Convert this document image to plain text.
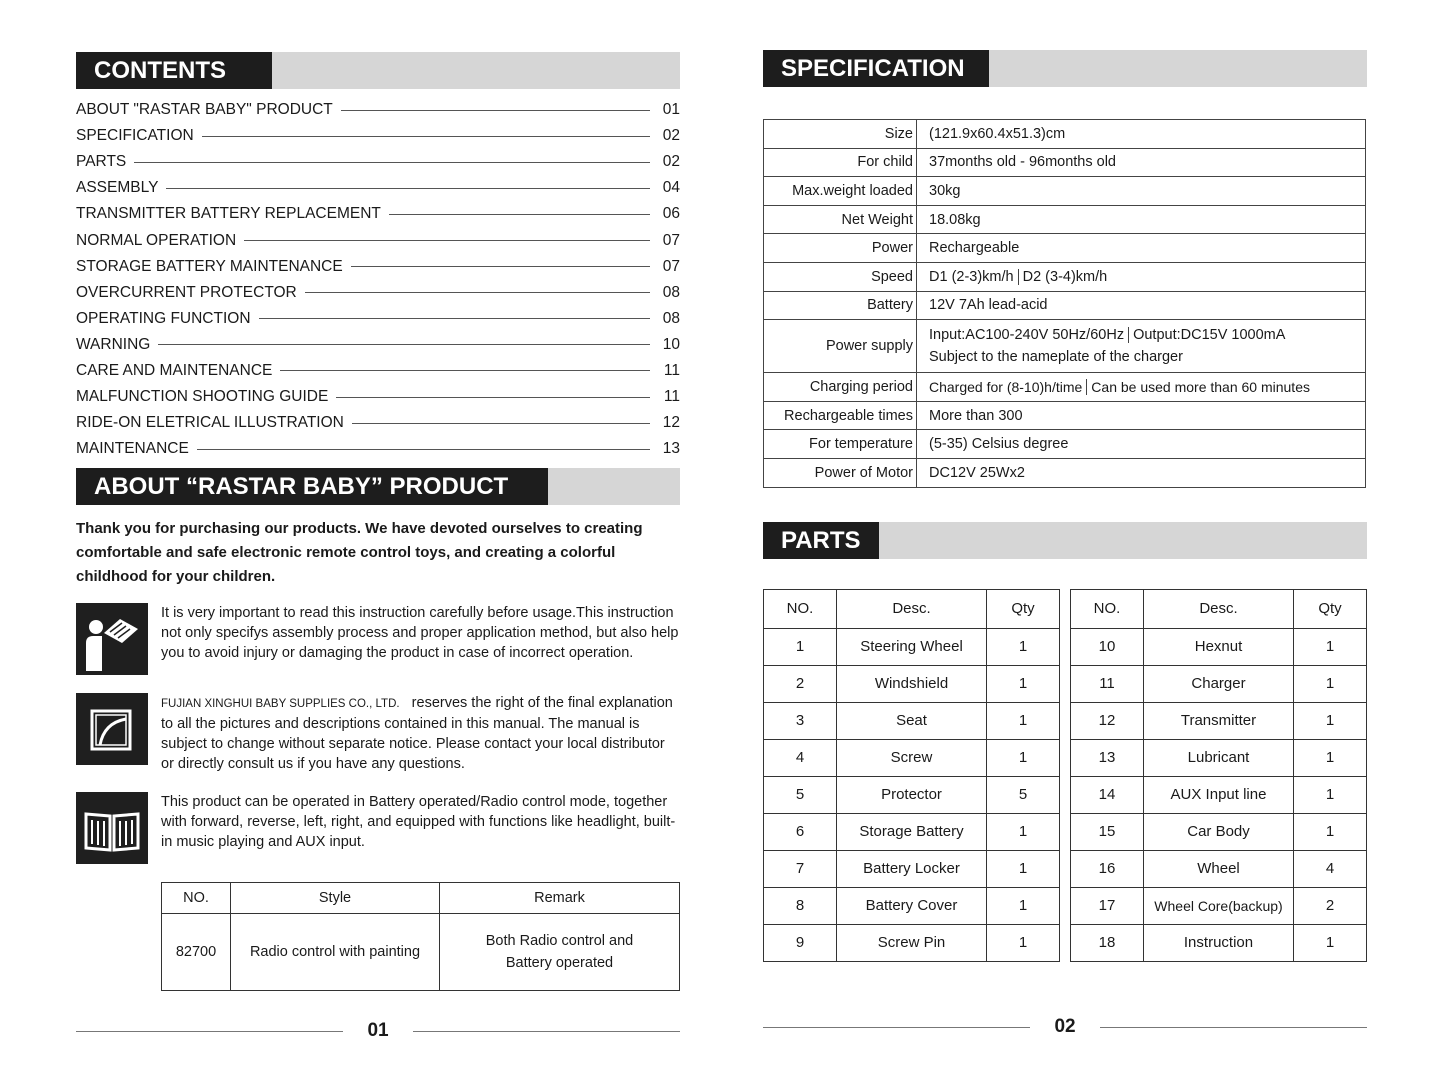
CONTENTS
ABOUT "RASTAR BABY" PRODUCT	01
SPECIFICATION	02
PARTS	02
ASSEMBLY	04
TRANSMITTER BATTERY REPLACEMENT	06
NORMAL OPERATION	07
STORAGE BATTERY MAINTENANCE	07
OVERCURRENT PROTECTOR	08
OPERATING FUNCTION	08
WARNING	10
CARE AND MAINTENANCE	11
MALFUNCTION SHOOTING GUIDE	11
RIDE-ON ELETRICAL ILLUSTRATION	12
MAINTENANCE	13
ABOUT “RASTAR BABY” PRODUCT
Thank you for purchasing our products. We have devoted ourselves to creating comfortable and safe electronic remote control toys, and creating a colorful childhood for your children.
It is very important to read this instruction carefully before usage.This instruction not only specifys assembly process and proper application method, but also help you to avoid injury or damaging the product in case of incorrect operation.
FUJIAN XINGHUI BABY SUPPLIES CO., LTD. reserves the right of the final explanation to all the pictures and descriptions contained in this manual. The manual is subject to change without separate notice. Please contact your local distributor or directly consult us if you have any questions.
This product can be operated in Battery operated/Radio control mode, together with forward, reverse, left, right, and equipped with functions like headlight, built-in music playing and AUX input.
NO.	Style	Remark
82700	Radio control with painting	Both Radio control and Battery operated
01
SPECIFICATION
Size	(121.9x60.4x51.3)cm
For child	37months old - 96months old
Max.weight loaded	30kg
Net Weight	18.08kg
Power	Rechargeable
Speed	D1 (2-3)km/h D2 (3-4)km/h
Battery	12V 7Ah lead-acid
Power supply	Input:AC100-240V 50Hz/60Hz Output:DC15V 1000mA
Subject to the nameplate of the charger
Charging period	Charged for (8-10)h/time Can be used more than 60 minutes
Rechargeable times	More than 300
For temperature	(5-35) Celsius degree
Power of Motor	DC12V 25Wx2
PARTS
NO.	Desc.	Qty
1	Steering Wheel	1
2	Windshield	1
3	Seat	1
4	Screw	1
5	Protector	5
6	Storage Battery	1
7	Battery Locker	1
8	Battery Cover	1
9	Screw Pin	1
NO.	Desc.	Qty
10	Hexnut	1
11	Charger	1
12	Transmitter	1
13	Lubricant	1
14	AUX Input line	1
15	Car Body	1
16	Wheel	4
17	Wheel Core(backup)	2
18	Instruction	1
02
